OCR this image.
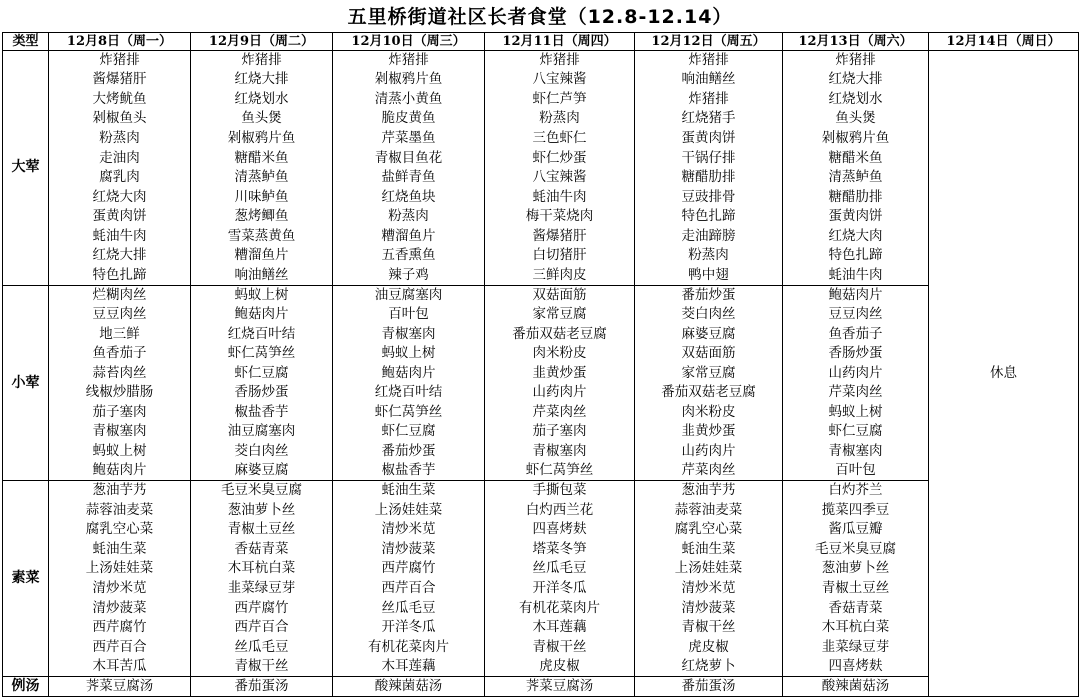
五里桥街道社区长者食堂（12.8-12.14）
类型	12月8日（周一）	12月9日（周二）	12月10日（周三）	12月11日（周四）	12月12日（周五）	12月13日（周六）	12月14日（周日）
大荤	炸猪排	炸猪排	炸猪排	炸猪排	炸猪排	炸猪排	休息
	酱爆猪肝	红烧大排	剁椒鸦片鱼	八宝辣酱	响油鳝丝	红烧大排	
	大烤鱿鱼	红烧划水	清蒸小黄鱼	虾仁芦笋	炸猪排	红烧划水	
	剁椒鱼头	鱼头煲	脆皮黄鱼	粉蒸肉	红烧猪手	鱼头煲	
	粉蒸肉	剁椒鸦片鱼	芹菜墨鱼	三色虾仁	蛋黄肉饼	剁椒鸦片鱼	
	走油肉	糖醋米鱼	青椒目鱼花	虾仁炒蛋	干锅仔排	糖醋米鱼	
	腐乳肉	清蒸鲈鱼	盐鲜青鱼	八宝辣酱	糖醋肋排	清蒸鲈鱼	
	红烧大肉	川味鲈鱼	红烧鱼块	蚝油牛肉	豆豉排骨	糖醋肋排	
	蛋黄肉饼	葱烤鲫鱼	粉蒸肉	梅干菜烧肉	特色扎蹄	蛋黄肉饼	
	蚝油牛肉	雪菜蒸黄鱼	糟溜鱼片	酱爆猪肝	走油蹄膀	红烧大肉	
	红烧大排	糟溜鱼片	五香熏鱼	白切猪肝	粉蒸肉	特色扎蹄	
	特色扎蹄	响油鳝丝	辣子鸡	三鲜肉皮	鸭中翅	蚝油牛肉	
小荤	烂糊肉丝	蚂蚁上树	油豆腐塞肉	双菇面筋	番茄炒蛋	鲍菇肉片	
	豆豆肉丝	鲍菇肉片	百叶包	家常豆腐	茭白肉丝	豆豆肉丝	
	地三鲜	红烧百叶结	青椒塞肉	番茄双菇老豆腐	麻婆豆腐	鱼香茄子	
	鱼香茄子	虾仁莴笋丝	蚂蚁上树	肉米粉皮	双菇面筋	香肠炒蛋	
	蒜苔肉丝	虾仁豆腐	鲍菇肉片	韭黄炒蛋	家常豆腐	山药肉片	
	线椒炒腊肠	香肠炒蛋	红烧百叶结	山药肉片	番茄双菇老豆腐	芹菜肉丝	
	茄子塞肉	椒盐香芋	虾仁莴笋丝	芹菜肉丝	肉米粉皮	蚂蚁上树	
	青椒塞肉	油豆腐塞肉	虾仁豆腐	茄子塞肉	韭黄炒蛋	虾仁豆腐	
	蚂蚁上树	茭白肉丝	番茄炒蛋	青椒塞肉	山药肉片	青椒塞肉	
	鲍菇肉片	麻婆豆腐	椒盐香芋	虾仁莴笋丝	芹菜肉丝	百叶包	
素菜	葱油芋艿	毛豆米臭豆腐	蚝油生菜	手撕包菜	葱油芋艿	白灼芥兰	
	蒜蓉油麦菜	葱油萝卜丝	上汤娃娃菜	白灼西兰花	蒜蓉油麦菜	揽菜四季豆	
	腐乳空心菜	青椒土豆丝	清炒米苋	四喜烤麸	腐乳空心菜	酱瓜豆瓣	
	蚝油生菜	香菇青菜	清炒菠菜	塔菜冬笋	蚝油生菜	毛豆米臭豆腐	
	上汤娃娃菜	木耳杭白菜	西芹腐竹	丝瓜毛豆	上汤娃娃菜	葱油萝卜丝	
	清炒米苋	韭菜绿豆芽	西芹百合	开洋冬瓜	清炒米苋	青椒土豆丝	
	清炒菠菜	西芹腐竹	丝瓜毛豆	有机花菜肉片	清炒菠菜	香菇青菜	
	西芹腐竹	西芹百合	开洋冬瓜	木耳莲藕	青椒干丝	木耳杭白菜	
	西芹百合	丝瓜毛豆	有机花菜肉片	青椒干丝	虎皮椒	韭菜绿豆芽	
	木耳苦瓜	青椒干丝	木耳莲藕	虎皮椒	红烧萝卜	四喜烤麸	
例汤	荠菜豆腐汤	番茄蛋汤	酸辣菌菇汤	荠菜豆腐汤	番茄蛋汤	酸辣菌菇汤	
